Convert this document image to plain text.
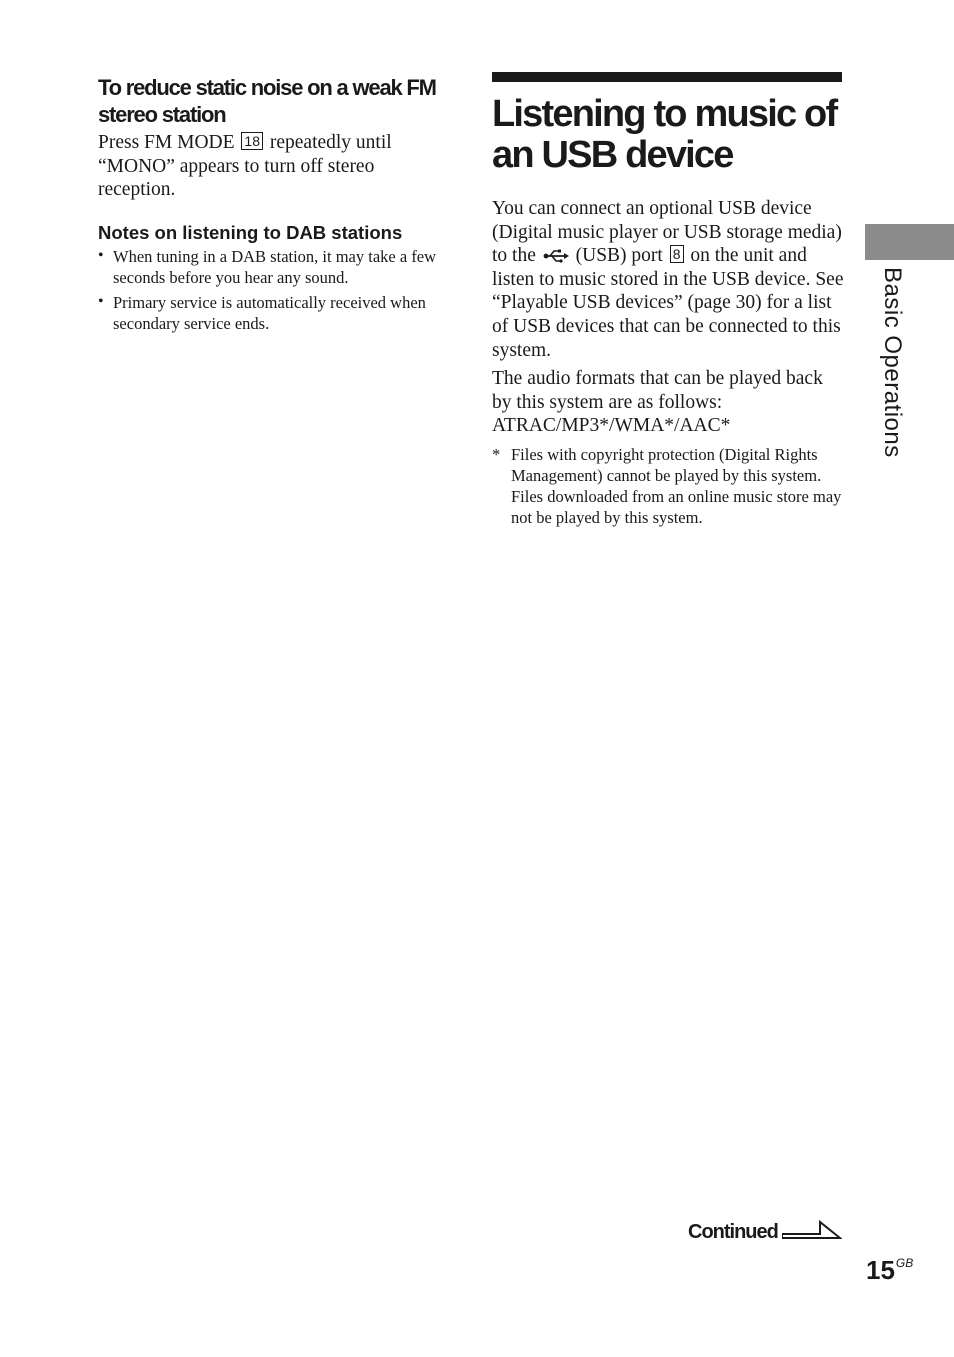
To reduce static noise on a weak FM stereo station

Press FM MODE 18 repeatedly until “MONO” appears to turn off stereo reception.

Notes on listening to DAB stations
• When tuning in a DAB station, it may take a few seconds before you hear any sound.
• Primary service is automatically received when secondary service ends.
Listening to music of an USB device

You can connect an optional USB device (Digital music player or USB storage media) to the (USB) port 8 on the unit and listen to music stored in the USB device. See “Playable USB devices” (page 30) for a list of USB devices that can be connected to this system.

The audio formats that can be played back by this system are as follows: ATRAC/MP3*/WMA*/AAC*

* Files with copyright protection (Digital Rights Management) cannot be played by this system.

Files downloaded from an online music store may not be played by this system.

Basic Operations
Continued
$15^{GB}$
